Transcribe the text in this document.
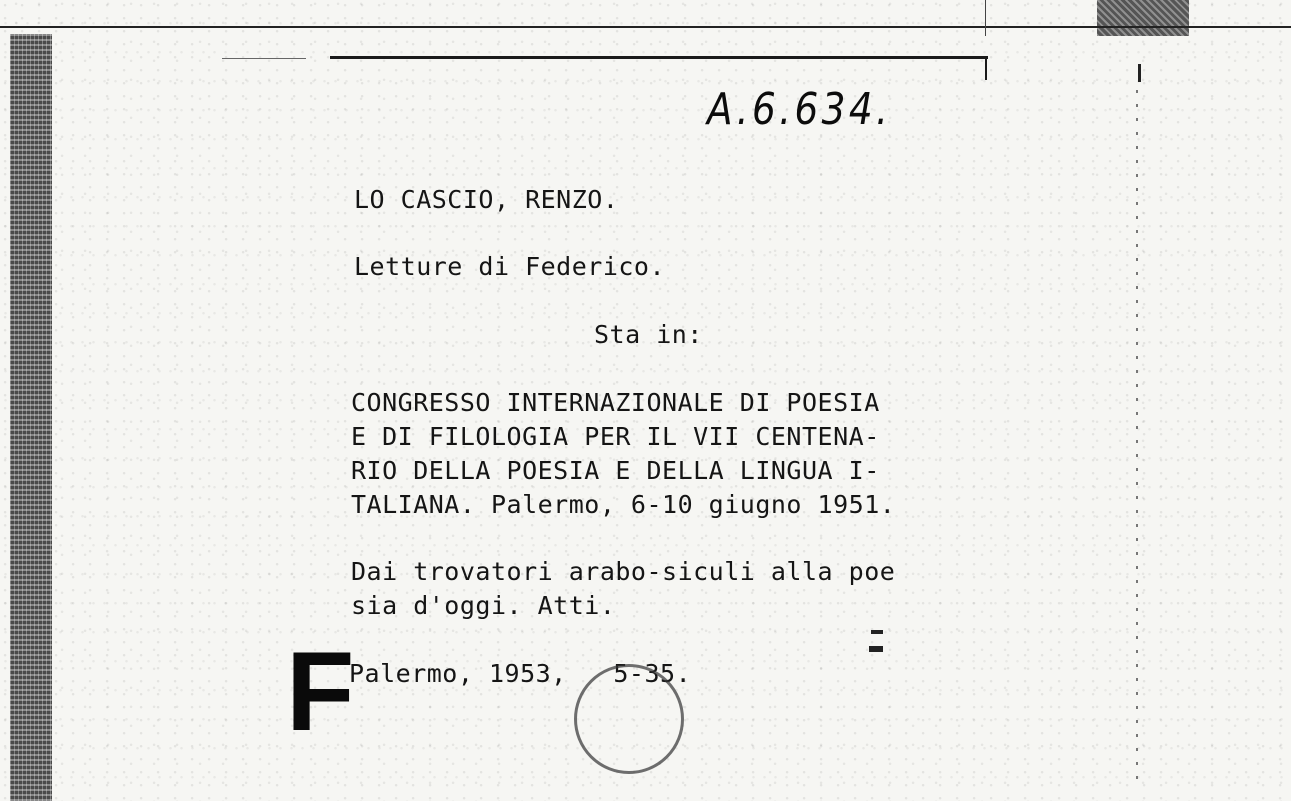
A.6.634.
LO CASCIO, RENZO.
Letture di Federico.
Sta in:
CONGRESSO INTERNAZIONALE DI POESIA
E DI FILOLOGIA PER IL VII CENTENA-
RIO DELLA POESIA E DELLA LINGUA I-
TALIANA. Palermo, 6-10 giugno 1951.
Dai trovatori arabo-siculi alla poe
sia d'oggi. Atti.
Palermo, 1953,   5-35.
F
